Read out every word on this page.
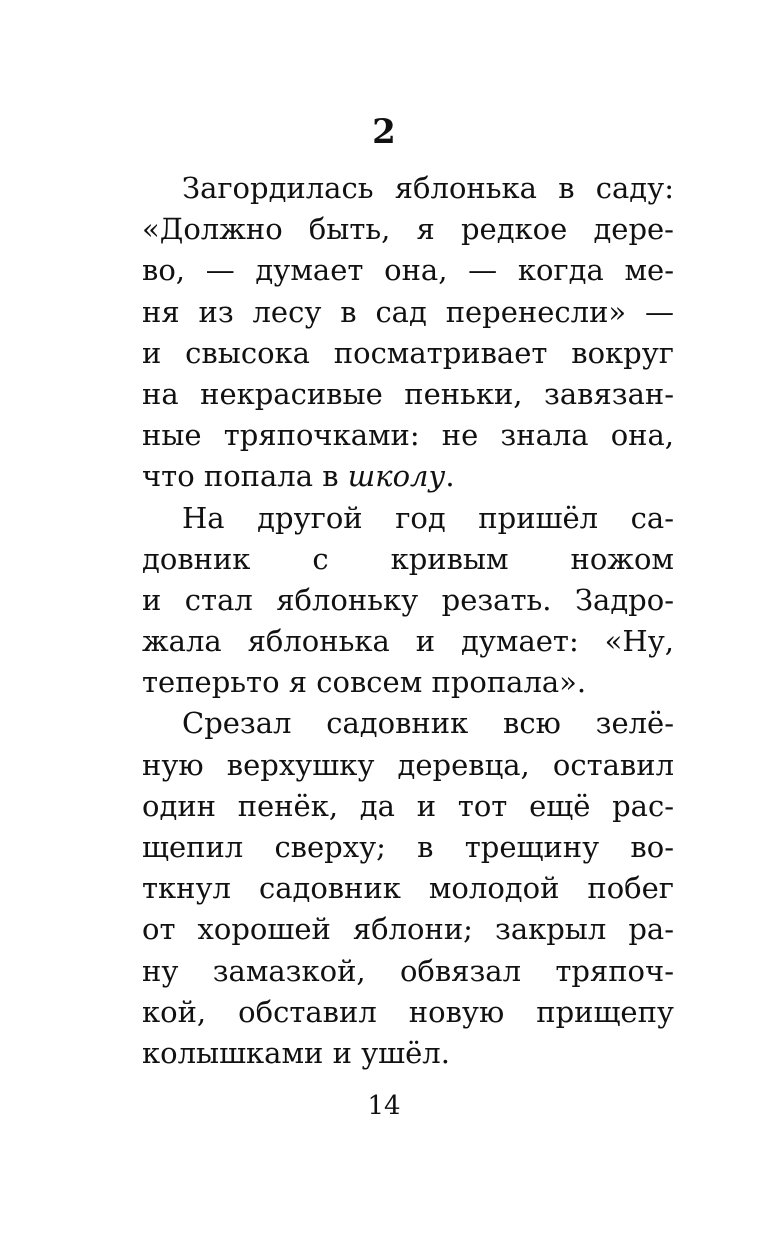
2
Загордилась яблонька в саду:
«Должно быть, я редкое дере-
во, — думает она, — когда ме-
ня из лесу в сад перенесли» —
и свысока посматривает вокруг
на некрасивые пеньки, завязан-
ные тряпочками: не знала она,
что попала в школу.
На другой год пришёл са-
довник с кривым ножом
и стал яблоньку резать. Задро-
жала яблонька и думает: «Ну,
теперьто я совсем пропала».
Срезал садовник всю зелё-
ную верхушку деревца, оставил
один пенёк, да и тот ещё рас-
щепил сверху; в трещину во-
ткнул садовник молодой побег
от хорошей яблони; закрыл ра-
ну замазкой, обвязал тряпоч-
кой, обставил новую прищепу
колышками и ушёл.
14
